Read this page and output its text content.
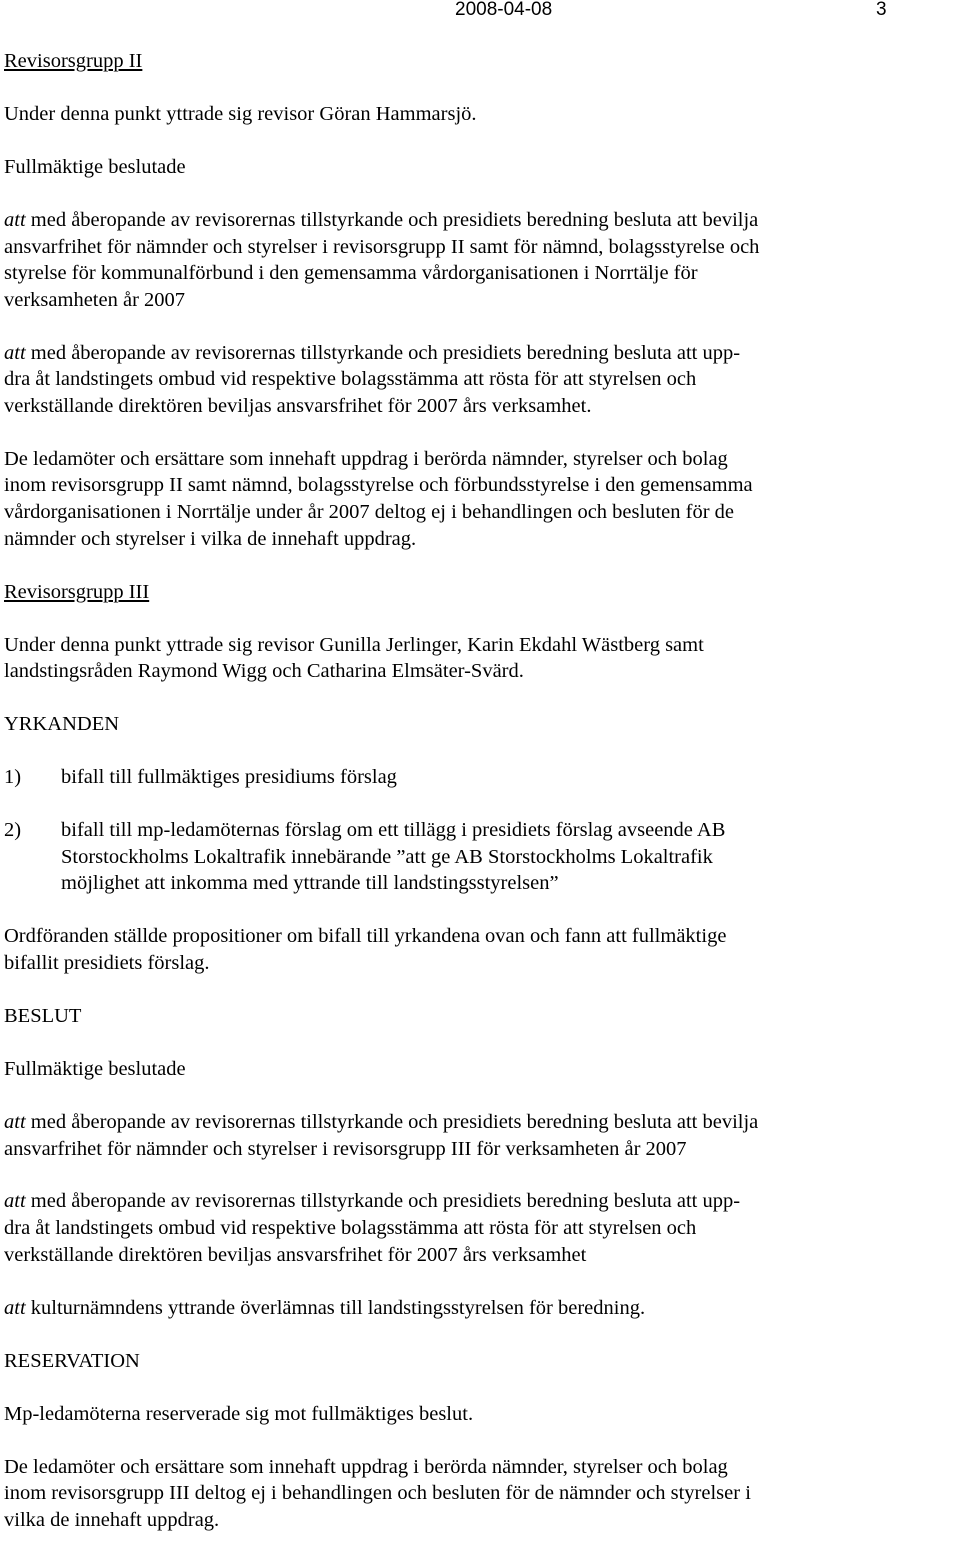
2008-04-08	3

Revisorsgrupp II

Under denna punkt yttrade sig revisor Göran Hammarsjö.

Fullmäktige beslutade

att med åberopande av revisorernas tillstyrkande och presidiets beredning besluta att bevilja
ansvarfrihet för nämnder och styrelser i revisorsgrupp II samt för nämnd, bolagsstyrelse och
styrelse för kommunalförbund i den gemensamma vårdorganisationen i Norrtälje för
verksamheten år 2007

att med åberopande av revisorernas tillstyrkande och presidiets beredning besluta att upp-
dra åt landstingets ombud vid respektive bolagsstämma att rösta för att styrelsen och
verkställande direktören beviljas ansvarsfrihet för 2007 års verksamhet.

De ledamöter och ersättare som innehaft uppdrag i berörda nämnder, styrelser och bolag
inom revisorsgrupp II samt nämnd, bolagsstyrelse och förbundsstyrelse i den gemensamma
vårdorganisationen i Norrtälje under år 2007 deltog ej i behandlingen och besluten för de
nämnder och styrelser i vilka de innehaft uppdrag.

Revisorsgrupp III

Under denna punkt yttrade sig revisor Gunilla Jerlinger, Karin Ekdahl Wästberg samt
landstingsråden Raymond Wigg och Catharina Elmsäter-Svärd.

YRKANDEN

1) bifall till fullmäktiges presidiums förslag
2) bifall till mp-ledamöternas förslag om ett tillägg i presidiets förslag avseende AB
Storstockholms Lokaltrafik innebärande ”att ge AB Storstockholms Lokaltrafik
möjlighet att inkomma med yttrande till landstingsstyrelsen”

Ordföranden ställde propositioner om bifall till yrkandena ovan och fann att fullmäktige
bifallit presidiets förslag.

BESLUT

Fullmäktige beslutade

att med åberopande av revisorernas tillstyrkande och presidiets beredning besluta att bevilja
ansvarfrihet för nämnder och styrelser i revisorsgrupp III för verksamheten år 2007

att med åberopande av revisorernas tillstyrkande och presidiets beredning besluta att upp-
dra åt landstingets ombud vid respektive bolagsstämma att rösta för att styrelsen och
verkställande direktören beviljas ansvarsfrihet för 2007 års verksamhet

att kulturnämndens yttrande överlämnas till landstingsstyrelsen för beredning.

RESERVATION

Mp-ledamöterna reserverade sig mot fullmäktiges beslut.

De ledamöter och ersättare som innehaft uppdrag i berörda nämnder, styrelser och bolag
inom revisorsgrupp III deltog ej i behandlingen och besluten för de nämnder och styrelser i
vilka de innehaft uppdrag.
